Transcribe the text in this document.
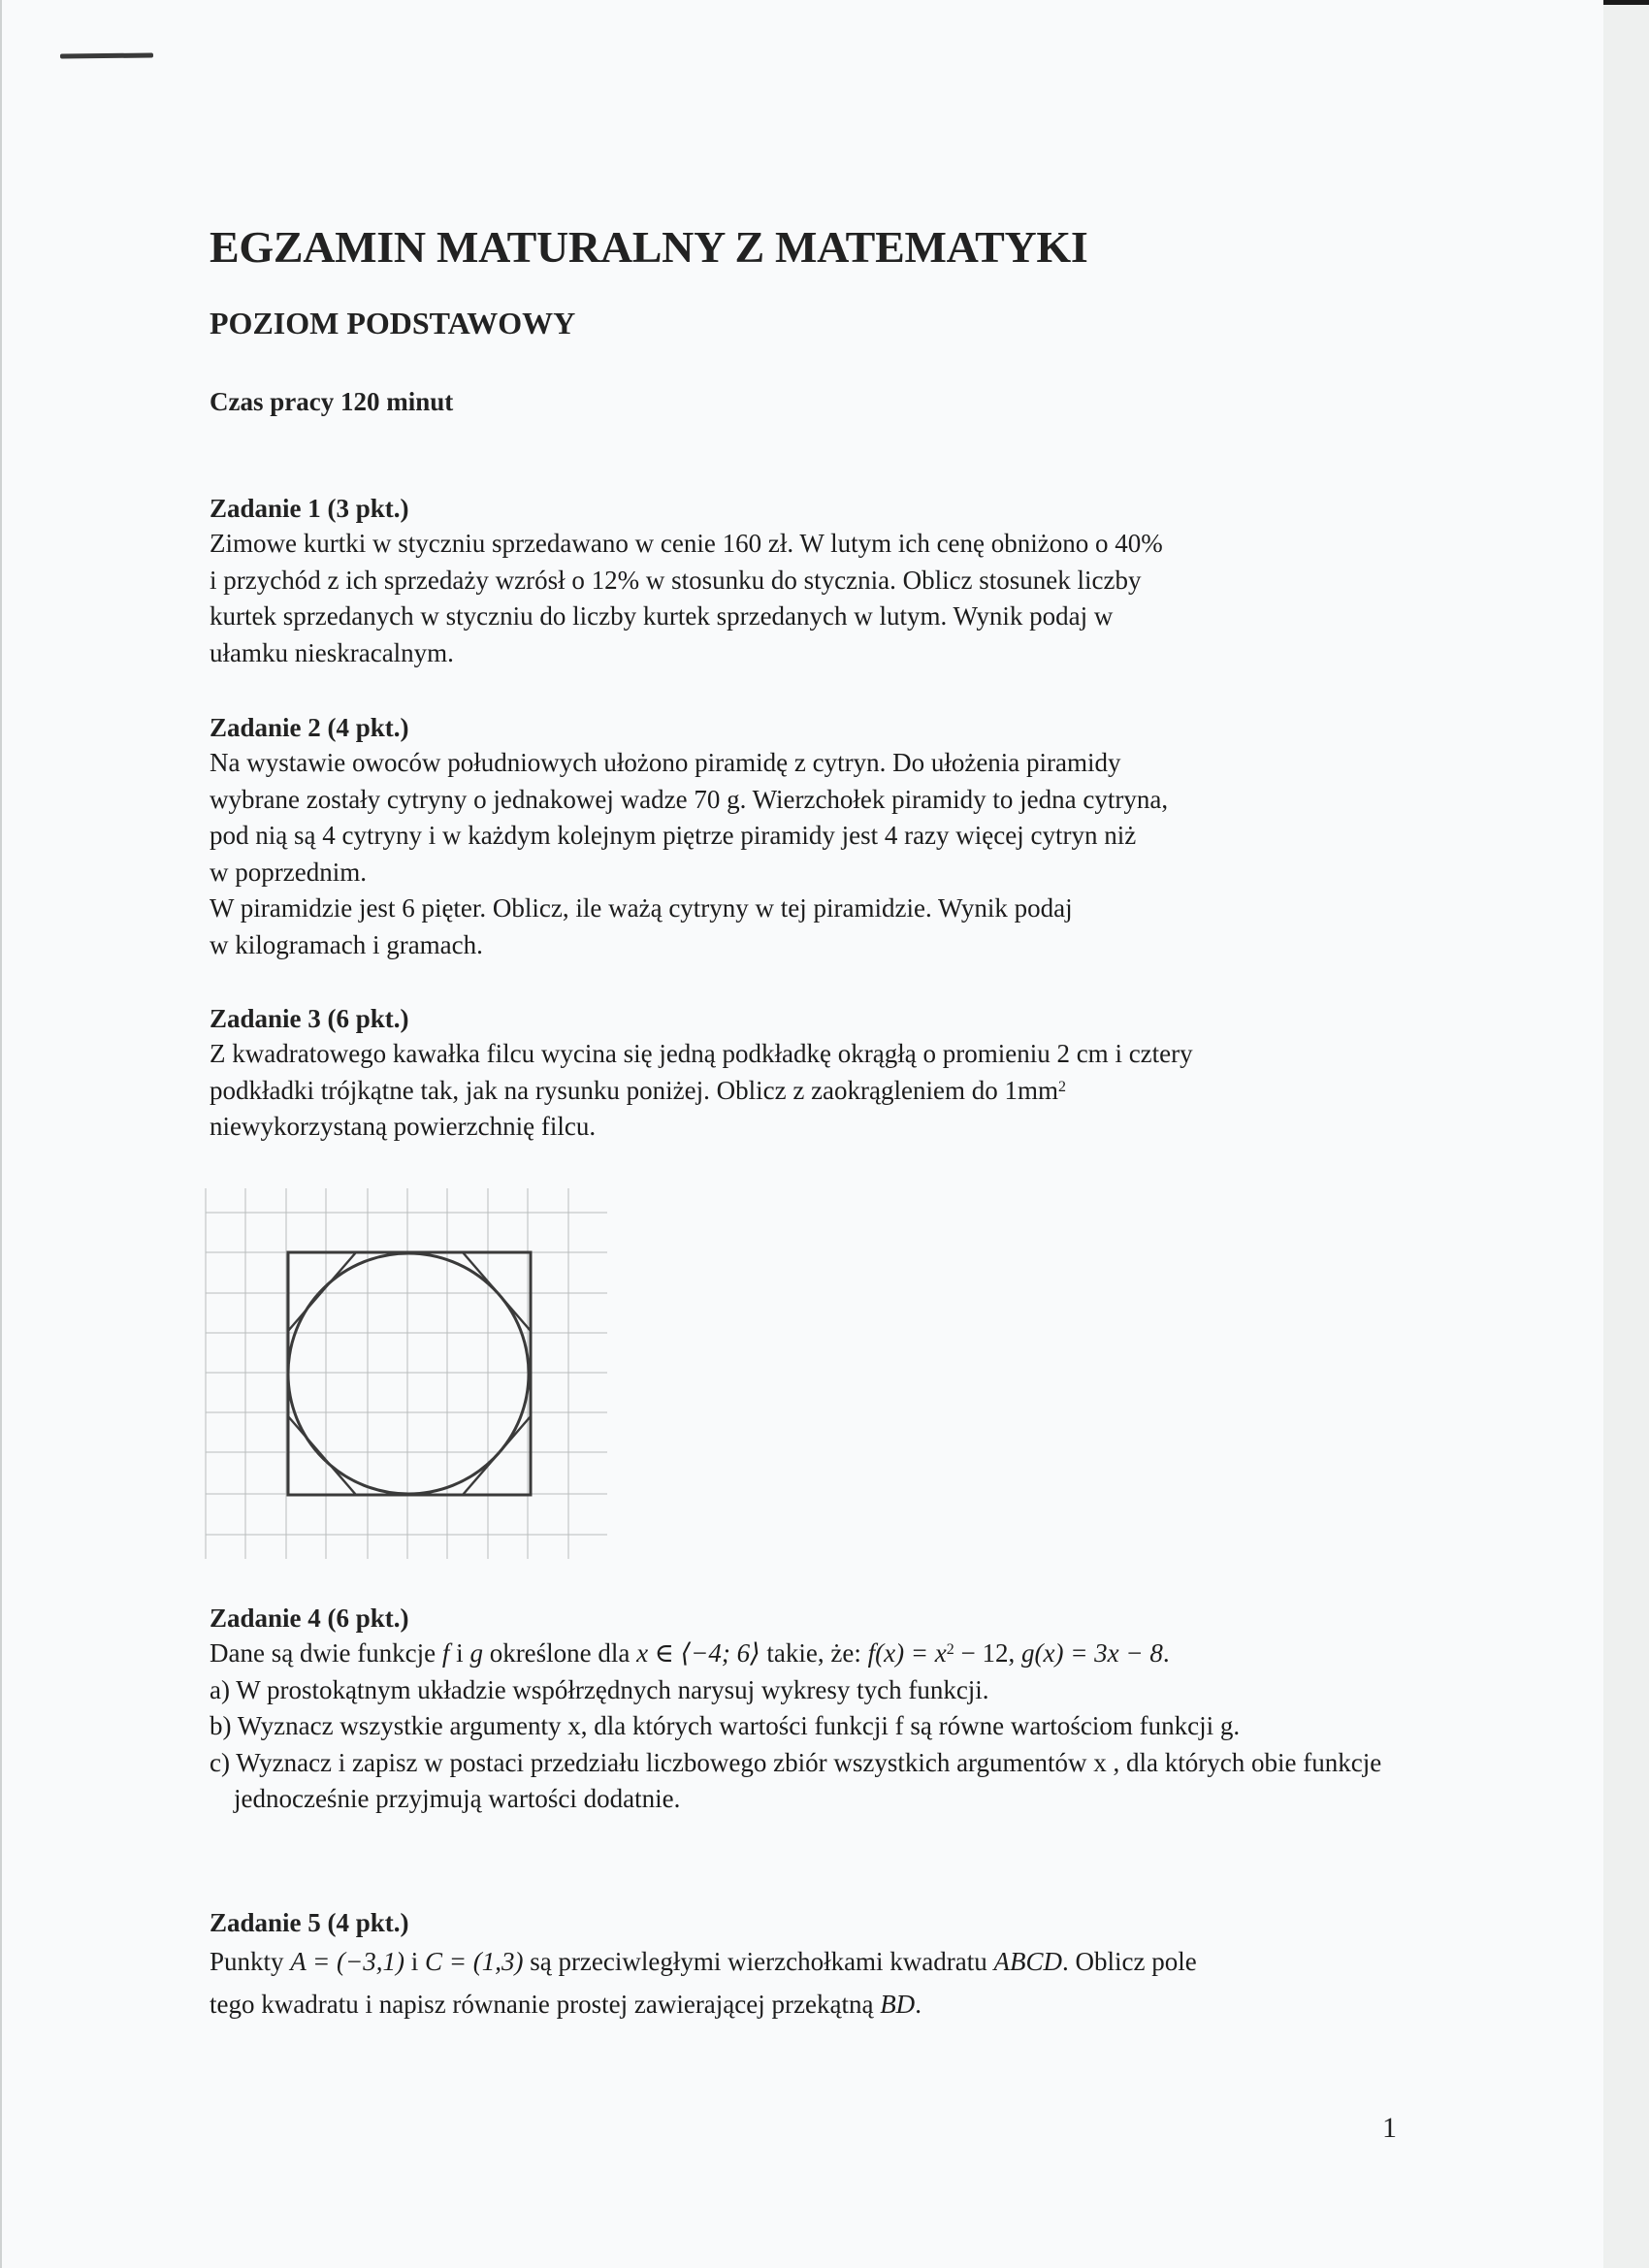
EGZAMIN MATURALNY Z MATEMATYKI
POZIOM PODSTAWOWY
Czas pracy 120 minut
Zadanie 1 (3 pkt.)

Zimowe kurtki w styczniu sprzedawano w cenie 160 zł. W lutym ich cenę obniżono o 40%

i przychód z ich sprzedaży wzrósł o 12% w stosunku do stycznia. Oblicz stosunek liczby

kurtek sprzedanych w styczniu do liczby kurtek sprzedanych w lutym. Wynik podaj w

ułamku nieskracalnym.

Zadanie 2 (4 pkt.)

Na wystawie owoców południowych ułożono piramidę z cytryn. Do ułożenia piramidy

wybrane zostały cytryny o jednakowej wadze 70 g. Wierzchołek piramidy to jedna cytryna,

pod nią są 4 cytryny i w każdym kolejnym piętrze piramidy jest 4 razy więcej cytryn niż

w poprzednim.

W piramidzie jest 6 pięter. Oblicz, ile ważą cytryny w tej piramidzie. Wynik podaj

w kilogramach i gramach.

Zadanie 3 (6 pkt.)

Z kwadratowego kawałka filcu wycina się jedną podkładkę okrągłą o promieniu 2 cm i cztery

podkładki trójkątne tak, jak na rysunku poniżej. Oblicz z zaokrągleniem do $1mm^2$

niewykorzystaną powierzchnię filcu.

Zadanie 4 (6 pkt.)

Dane są dwie funkcje f i g określone dla x ∈ ⟨−4; 6⟩ takie, że: $f(x) = x^2 - 12$, g(x) = 3x − 8.

a) W prostokątnym układzie współrzędnych narysuj wykresy tych funkcji.

b) Wyznacz wszystkie argumenty x, dla których wartości funkcji f są równe wartościom funkcji g.

c) Wyznacz i zapisz w postaci przedziału liczbowego zbiór wszystkich argumentów x , dla których obie funkcje jednocześnie przyjmują wartości dodatnie.

Zadanie 5 (4 pkt.)

Punkty A = (−3,1) i C = (1,3) są przeciwległymi wierzchołkami kwadratu ABCD. Oblicz pole

tego kwadratu i napisz równanie prostej zawierającej przekątną BD.

1
